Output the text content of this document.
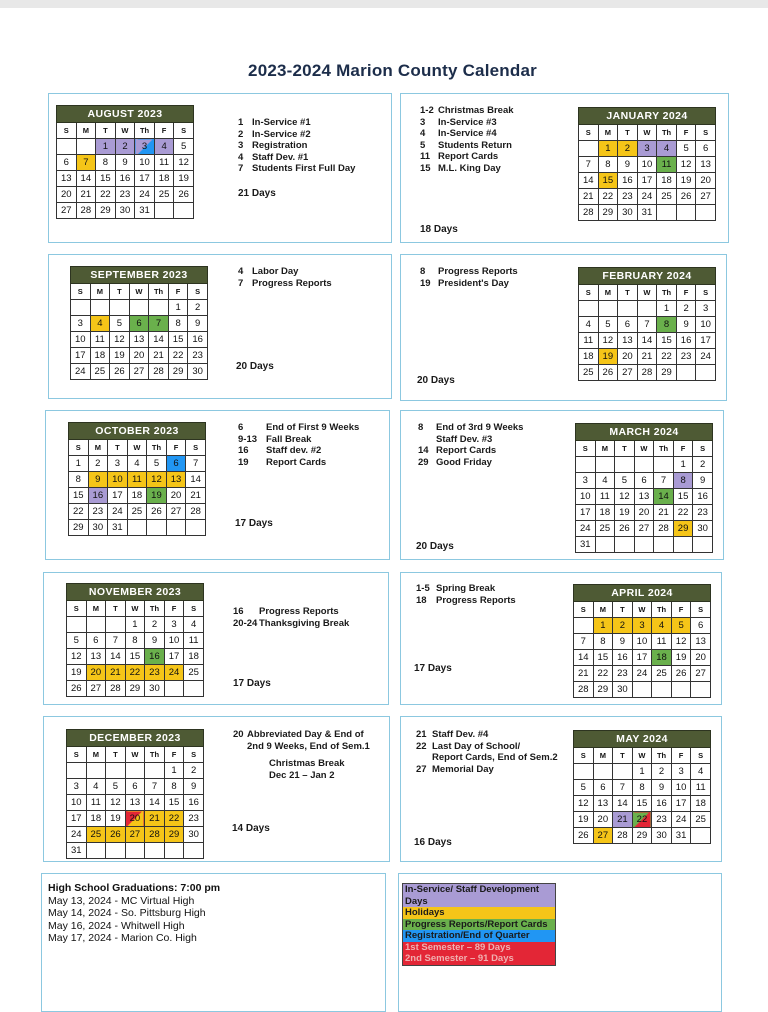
2023-2024 Marion County Calendar
AUGUST 2023						
S	M	T	W	Th	F	S
		1	2	3	4	5
6	7	8	9	10	11	12
13	14	15	16	17	18	19
20	21	22	23	24	25	26
27	28	29	30	31		
SEPTEMBER 2023						
S	M	T	W	Th	F	S
					1	2
3	4	5	6	7	8	9
10	11	12	13	14	15	16
17	18	19	20	21	22	23
24	25	26	27	28	29	30
OCTOBER 2023						
S	M	T	W	Th	F	S
1	2	3	4	5	6	7
8	9	10	11	12	13	14
15	16	17	18	19	20	21
22	23	24	25	26	27	28
29	30	31				
NOVEMBER 2023						
S	M	T	W	Th	F	S
			1	2	3	4
5	6	7	8	9	10	11
12	13	14	15	16	17	18
19	20	21	22	23	24	25
26	27	28	29	30		
DECEMBER 2023						
S	M	T	W	Th	F	S
					1	2
3	4	5	6	7	8	9
10	11	12	13	14	15	16
17	18	19	20	21	22	23
24	25	26	27	28	29	30
31						
JANUARY 2024						
S	M	T	W	Th	F	S
	1	2	3	4	5	6
7	8	9	10	11	12	13
14	15	16	17	18	19	20
21	22	23	24	25	26	27
28	29	30	31			
FEBRUARY 2024						
S	M	T	W	Th	F	S
				1	2	3
4	5	6	7	8	9	10
11	12	13	14	15	16	17
18	19	20	21	22	23	24
25	26	27	28	29		
MARCH 2024						
S	M	T	W	Th	F	S
					1	2
3	4	5	6	7	8	9
10	11	12	13	14	15	16
17	18	19	20	21	22	23
24	25	26	27	28	29	30
31						
APRIL 2024						
S	M	T	W	Th	F	S
	1	2	3	4	5	6
7	8	9	10	11	12	13
14	15	16	17	18	19	20
21	22	23	24	25	26	27
28	29	30				
MAY 2024						
S	M	T	W	Th	F	S
			1	2	3	4
5	6	7	8	9	10	11
12	13	14	15	16	17	18
19	20	21	22	23	24	25
26	27	28	29	30	31	
1 In-Service #1
2 In-Service #2
3 Registration
4 Staff Dev. #1
7 Students First Full Day
4 Labor Day
7 Progress Reports
6	End of First 9 Weeks
9-13 Fall Break
16	Staff dev. #2
19	Report Cards
16	Progress Reports
20-24 Thanksgiving Break
20 Abbreviated Day & End of
2nd 9 Weeks, End of Sem.1
Christmas Break
Dec 21 – Jan 2
1-2 Christmas Break
3	In-Service #3
4	In-Service #4
5	Students Return
11 Report Cards
15 M.L. King Day
8	Progress Reports
19 President's Day
8	End of 3rd 9 Weeks
Staff Dev. #3
14 Report Cards
29 Good Friday
1-5 Spring Break
18 Progress Reports
21 Staff Dev. #4
22 Last Day of School/
Report Cards, End of Sem.2
27 Memorial Day
21 Days
20 Days
17 Days
17 Days
14 Days
18 Days
20 Days
20 Days
17 Days
16 Days
High School Graduations: 7:00 pm
May 13, 2024 - MC Virtual High
May 14, 2024 - So. Pittsburg High
May 16, 2024 - Whitwell High
May 17, 2024 - Marion Co. High
In-Service/ Staff Development Days
Holidays
Progress Reports/Report Cards
Registration/End of Quarter
1st Semester – 89 Days
2nd Semester – 91 Days
